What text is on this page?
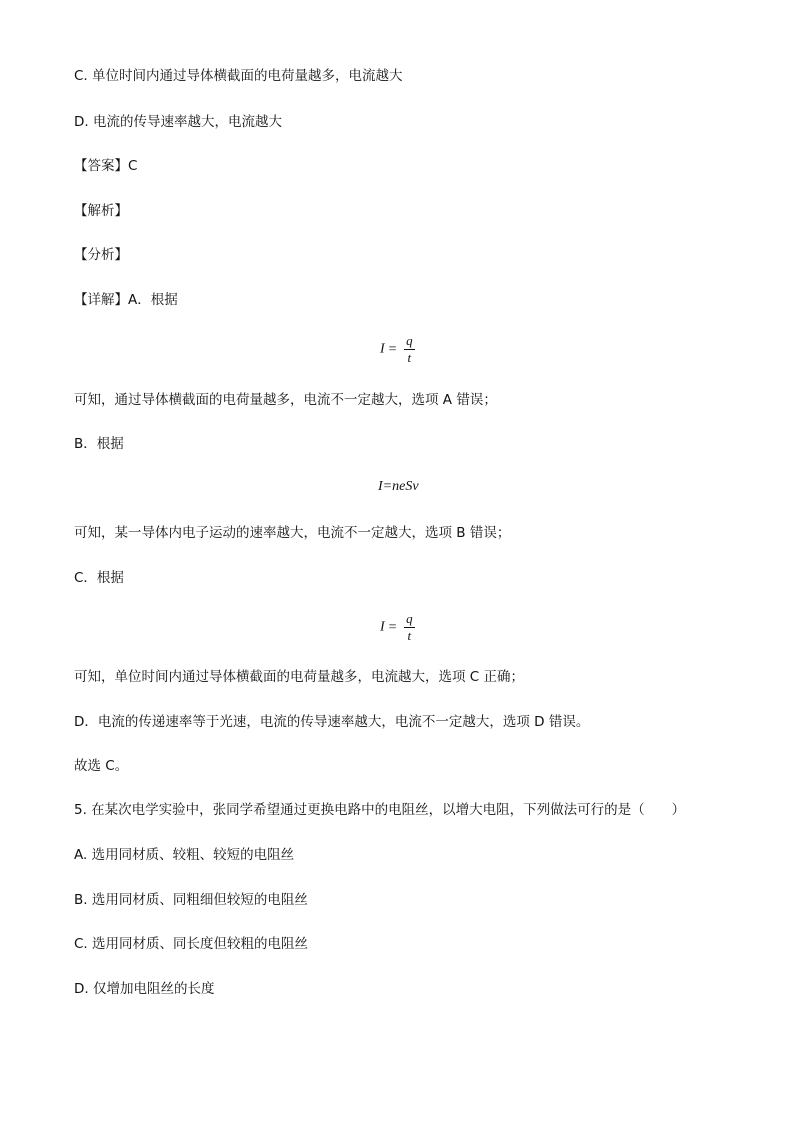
C. 单位时间内通过导体横截面的电荷量越多，电流越大
D. 电流的传导速率越大，电流越大
【答案】C
【解析】
【分析】
【详解】A．根据
$I = \frac{q}{t}$
可知，通过导体横截面的电荷量越多，电流不一定越大，选项 A 错误；
B．根据
I=neSv
可知，某一导体内电子运动的速率越大，电流不一定越大，选项 B 错误；
C．根据
$I = \frac{q}{t}$
可知，单位时间内通过导体横截面的电荷量越多，电流越大，选项 C 正确；
D．电流的传递速率等于光速，电流的传导速率越大，电流不一定越大，选项 D 错误。
故选 C。
5. 在某次电学实验中，张同学希望通过更换电路中的电阻丝，以增大电阻，下列做法可行的是（　　）
A. 选用同材质、较粗、较短的电阻丝
B. 选用同材质、同粗细但较短的电阻丝
C. 选用同材质、同长度但较粗的电阻丝
D. 仅增加电阻丝的长度
